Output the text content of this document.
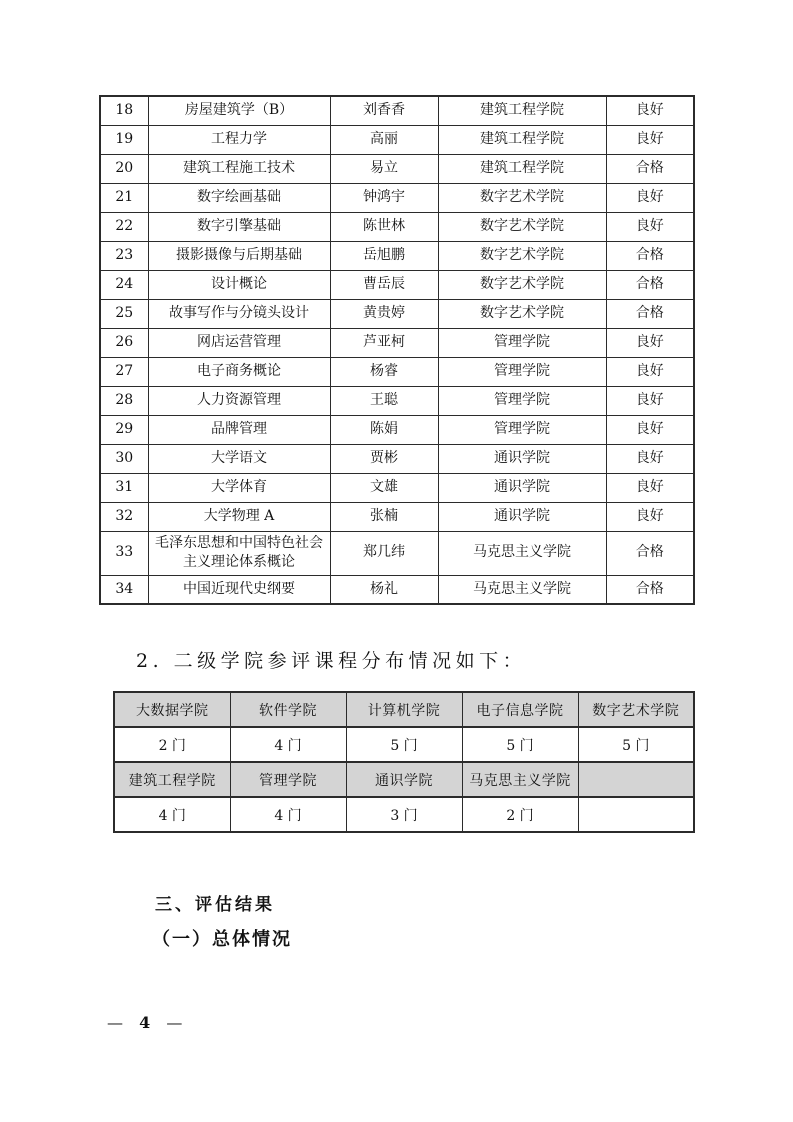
18	房屋建筑学（B）	刘香香	建筑工程学院	良好
19	工程力学	高丽	建筑工程学院	良好
20	建筑工程施工技术	易立	建筑工程学院	合格
21	数字绘画基础	钟鸿宇	数字艺术学院	良好
22	数字引擎基础	陈世林	数字艺术学院	良好
23	摄影摄像与后期基础	岳旭鹏	数字艺术学院	合格
24	设计概论	曹岳辰	数字艺术学院	合格
25	故事写作与分镜头设计	黄贵婷	数字艺术学院	合格
26	网店运营管理	芦亚柯	管理学院	良好
27	电子商务概论	杨睿	管理学院	良好
28	人力资源管理	王聪	管理学院	良好
29	品牌管理	陈娟	管理学院	良好
30	大学语文	贾彬	通识学院	良好
31	大学体育	文雄	通识学院	良好
32	大学物理 A	张楠	通识学院	良好
33	毛泽东思想和中国特色社会主义理论体系概论	郑几纬	马克思主义学院	合格
34	中国近现代史纲要	杨礼	马克思主义学院	合格
2. 二级学院参评课程分布情况如下：
大数据学院	软件学院	计算机学院	电子信息学院	数字艺术学院
2 门	4 门	5 门	5 门	5 门
建筑工程学院	管理学院	通识学院	马克思主义学院	
4 门	4 门	3 门	2 门	
三、评估结果
（一）总体情况
— 4 —
